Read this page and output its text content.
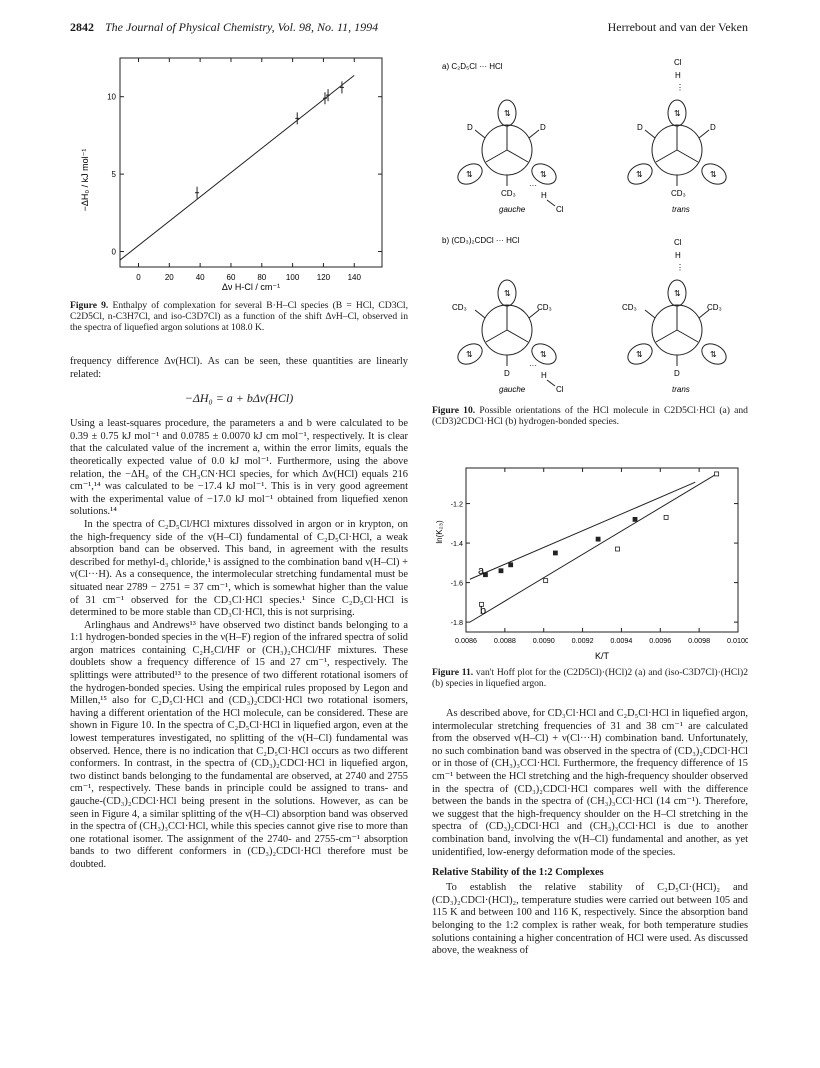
2842 The Journal of Physical Chemistry, Vol. 98, No. 11, 1994	Herrebout and van der Veken
0	20	40	60	80 100 120 140
0
5
10
−ΔH₀ / kJ mol⁻¹
Δν H-Cl / cm⁻¹
Figure 9. Enthalpy of complexation for several B·H–Cl species (B = HCl, CD3Cl, C2D5Cl, n-C3H7Cl, and iso-C3D7Cl) as a function of the shift ΔνH–Cl, observed in the spectra of liquefied argon solutions at 108.0 K.

frequency difference Δν(HCl). As can be seen, these quantities are linearly related:

−ΔH₀ = a + bΔν(HCl)

Using a least-squares procedure, the parameters a and b were calculated to be 0.39 ± 0.75 kJ mol⁻¹ and 0.0785 ± 0.0070 kJ cm mol⁻¹, respectively. It is clear that the calculated value of the increment a, within the error limits, equals the theoretically expected value of 0.0 kJ mol⁻¹. Furthermore, using the above relation, the −ΔH₀ of the CH₃CN·HCl species, for which Δν(HCl) equals 216 cm⁻¹,¹⁴ was calculated to be −17.4 kJ mol⁻¹. This is in very good agreement with the experimental value of −17.0 kJ mol⁻¹ obtained from liquefied xenon solutions.¹⁴

In the spectra of C₂D₅Cl/HCl mixtures dissolved in argon or in krypton, on the high-frequency side of the ν(H–Cl) fundamental of C₂D₅Cl·HCl, a weak absorption band can be observed. This band, in agreement with the results described for methyl-d₃ chloride,¹ is assigned to the combination band ν(H–Cl) + ν(Cl···H). As a consequence, the intermolecular stretching fundamental must be situated near 2789 − 2751 = 37 cm⁻¹, which is somewhat higher than the value of 31 cm⁻¹ observed for the CD₃Cl·HCl species.¹ Since C₂D₅Cl·HCl is determined to be more stable than CD₃Cl·HCl, this is not surprising.

Arlinghaus and Andrews¹³ have observed two distinct bands belonging to a 1:1 hydrogen-bonded species in the ν(H–F) region of the infrared spectra of solid argon matrices containing C₂H₅Cl/HF or (CH₃)₂CHCl/HF mixtures. These doublets show a frequency difference of 15 and 27 cm⁻¹, respectively. The splittings were attributed¹³ to the presence of two different rotational isomers of the hydrogen-bonded species. Using the empirical rules proposed by Legon and Millen,¹⁵ also for C₂D₅Cl·HCl and (CD₃)₂CDCl·HCl two rotational isomers, having a different orientation of the HCl molecule, can be considered. These are shown in Figure 10. In the spectra of C₂D₅Cl·HCl in liquefied argon, even at the lowest temperatures investigated, no splitting of the ν(H–Cl) fundamental was observed. Hence, there is no indication that C₂D₅Cl·HCl occurs as two different conformers. In contrast, in the spectra of (CD₃)₂CDCl·HCl in liquefied argon, two distinct bands belonging to the fundamental are observed, at 2740 and 2755 cm⁻¹, respectively. These bands in principle could be assigned to trans- and gauche-(CD₃)₂CDCl·HCl being present in the solutions. However, as can be seen in Figure 4, a similar splitting of the ν(H–Cl) absorption band was observed in the spectra of (CH₃)₃CCl·HCl, while this species cannot give rise to more than one rotational isomer. The assignment of the 2740- and 2755-cm⁻¹ absorption bands to two different conformers in (CD₃)₂CDCl·HCl therefore must be doubted.

a) C₂D₅Cl ··· HCl
b) (CD₃)₂CDCl ··· HCl
⇅
⇅	⇅
D	D
CD₃
···
H
Cl
gauche
⇅
⇅	⇅
D	D
CD₃
Cl
H
⋮
trans
⇅
⇅	⇅
CD₃	CD₃
D
···
H
Cl
gauche
⇅
⇅	⇅
CD₃	CD₃
D
Cl
H
⋮
trans
Figure 10. Possible orientations of the HCl molecule in C2D5Cl·HCl (a) and (CD3)2CDCl·HCl (b) hydrogen-bonded species.
0.0086 0.0088 0.0090 0.0092 0.0094 0.0096 0.0098 0.0100
-1.2
-1.4
-1.6
-1.8
ln(K₂₃)
K/T
a
b
Figure 11. van't Hoff plot for the (C2D5Cl)·(HCl)2 (a) and (iso-C3D7Cl)·(HCl)2 (b) species in liquefied argon.

As described above, for CD₃Cl·HCl and C₂D₅Cl·HCl in liquefied argon, intermolecular stretching frequencies of 31 and 38 cm⁻¹ are calculated from the observed ν(H–Cl) + ν(Cl···H) combination band. Unfortunately, no such combination band was observed in the spectra of (CD₃)₂CDCl·HCl or in those of (CH₃)₃CCl·HCl. Furthermore, the frequency difference of 15 cm⁻¹ between the HCl stretching and the high-frequency shoulder observed in the spectra of (CD₃)₂CDCl·HCl compares well with the difference between the bands in the spectra of (CH₃)₃CCl·HCl (14 cm⁻¹). Therefore, we suggest that the high-frequency shoulder on the H–Cl stretching in the spectra of (CD₃)₂CDCl·HCl and (CH₃)₃CCl·HCl is due to another combination band, involving the ν(H–Cl) fundamental and another, as yet unidentified, low-energy deformation mode of the species.

Relative Stability of the 1:2 Complexes

To establish the relative stability of C₂D₅Cl·(HCl)₂ and (CD₃)₂CDCl·(HCl)₂, temperature studies were carried out between 105 and 115 K and between 100 and 116 K, respectively. Since the absorption band belonging to the 1:2 complex is rather weak, for both temperature studies solutions containing a higher concentration of HCl were used. As discussed above, the weakness of
